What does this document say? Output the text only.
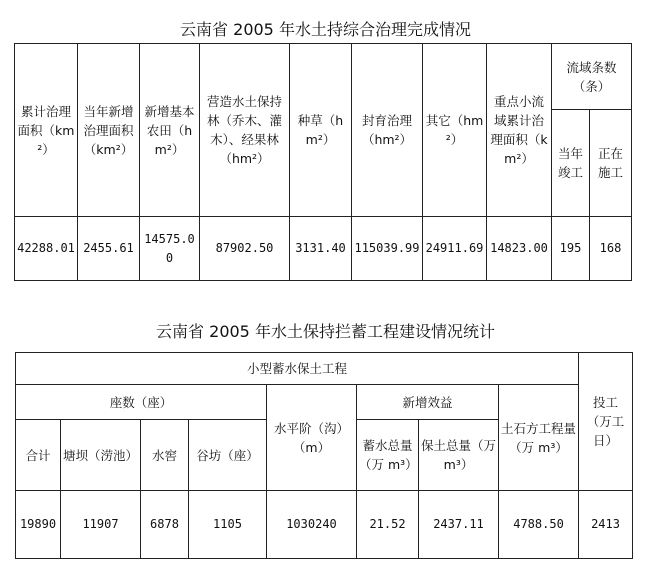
云南省 2005 年水土持综合治理完成情况
累计治理面积（km²）	当年新增治理面积（km²）	新增基本农田（hm²）	营造水土保持林（乔木、灌木）、经果林（hm²）	种草（hm²）	封育治理（hm²）	其它（hm²）	重点小流域累计治理面积（km²）	流域条数（条）	
								当年竣工	正在施工
42288.01	2455.61	14575.00	87902.50	3131.40	115039.99	24911.69	14823.00	195	168
云南省 2005 年水土保持拦蓄工程建设情况统计
小型蓄水保土工程								投工（万工日）
座数（座）				水平阶（沟）（m）	新增效益		土石方工程量（万 m³）	
合计	塘坝（涝池）	水窖	谷坊（座）		蓄水总量（万 m³）	保土总量（万 m³）		

19890	11907	6878	1105	1030240	21.52	2437.11	4788.50	2413
